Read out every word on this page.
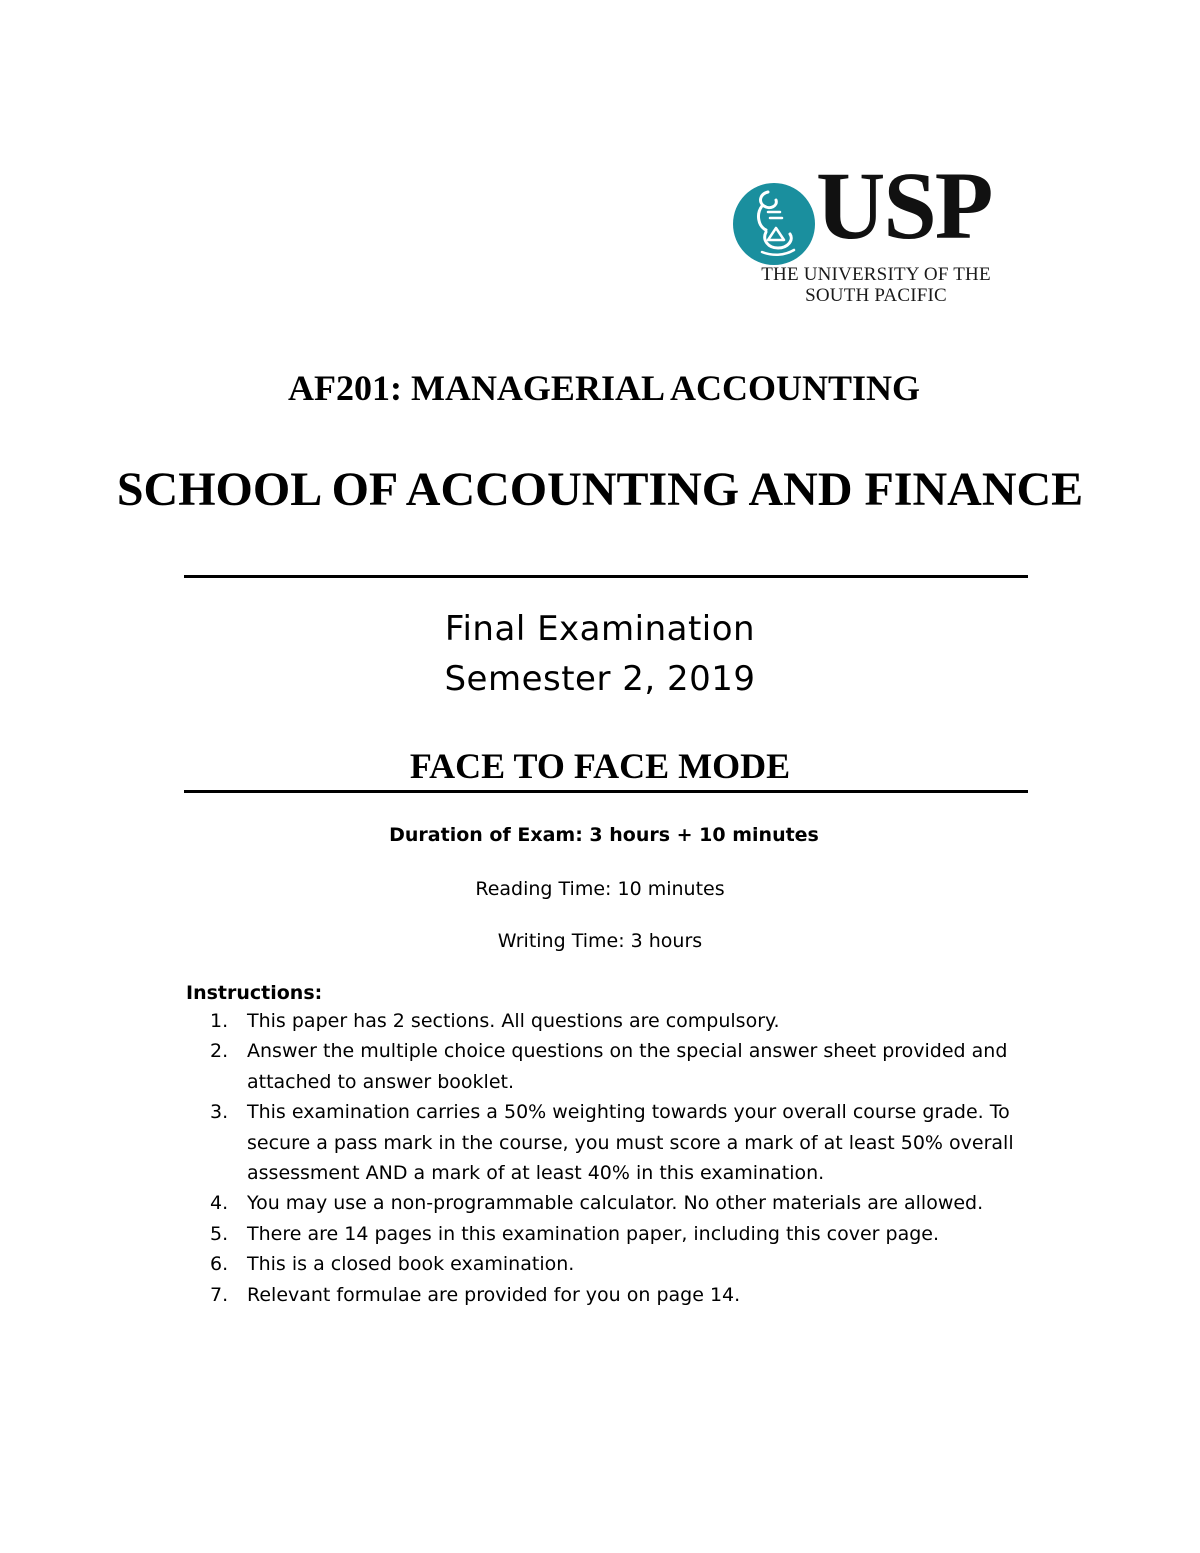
USP
THE UNIVERSITY OF THE
SOUTH PACIFIC
AF201: MANAGERIAL ACCOUNTING
SCHOOL OF ACCOUNTING AND FINANCE
Final Examination
Semester 2, 2019
FACE TO FACE MODE
Duration of Exam: 3 hours + 10 minutes
Reading Time: 10 minutes
Writing Time: 3 hours

Instructions:

1. This paper has 2 sections. All questions are compulsory.
2. Answer the multiple choice questions on the special answer sheet provided and attached to answer booklet.
3. This examination carries a 50% weighting towards your overall course grade. To secure a pass mark in the course, you must score a mark of at least 50% overall assessment AND a mark of at least 40% in this examination.
4. You may use a non-programmable calculator. No other materials are allowed.
5. There are 14 pages in this examination paper, including this cover page.
6. This is a closed book examination.
7. Relevant formulae are provided for you on page 14.
